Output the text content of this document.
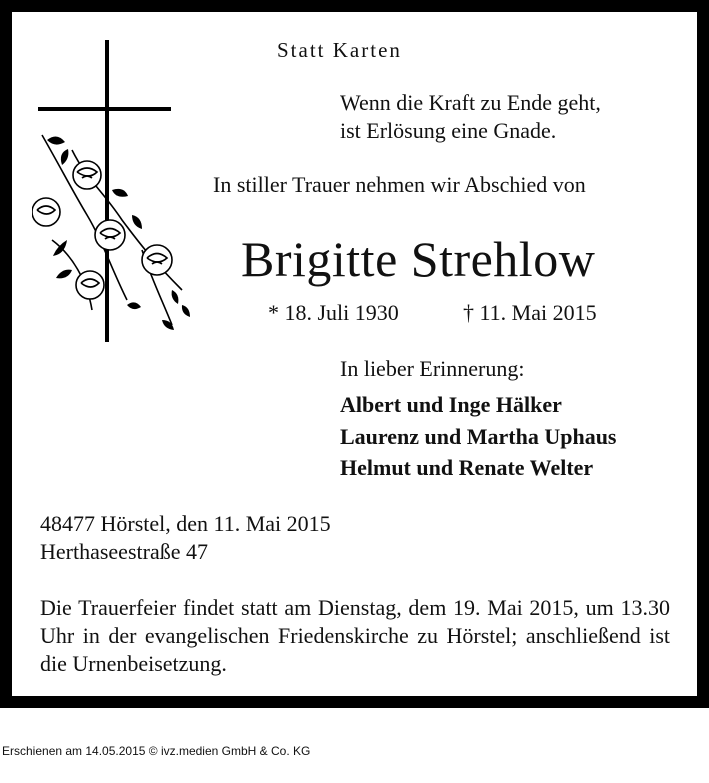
Statt Karten
Wenn die Kraft zu Ende geht,
ist Erlösung eine Gnade.
In stiller Trauer nehmen wir Abschied von
Brigitte Strehlow
* 18. Juli 1930	† 11. Mai 2015
In lieber Erinnerung:
Albert und Inge Hälker
Laurenz und Martha Uphaus
Helmut und Renate Welter
48477 Hörstel, den 11. Mai 2015
Herthaseestraße 47
Die Trauerfeier findet statt am Dienstag, dem 19. Mai 2015, um 13.30 Uhr in der evangelischen Friedenskirche zu Hörstel; anschließend ist die Urnenbeisetzung.
Erschienen am 14.05.2015 © ivz.medien GmbH & Co. KG
